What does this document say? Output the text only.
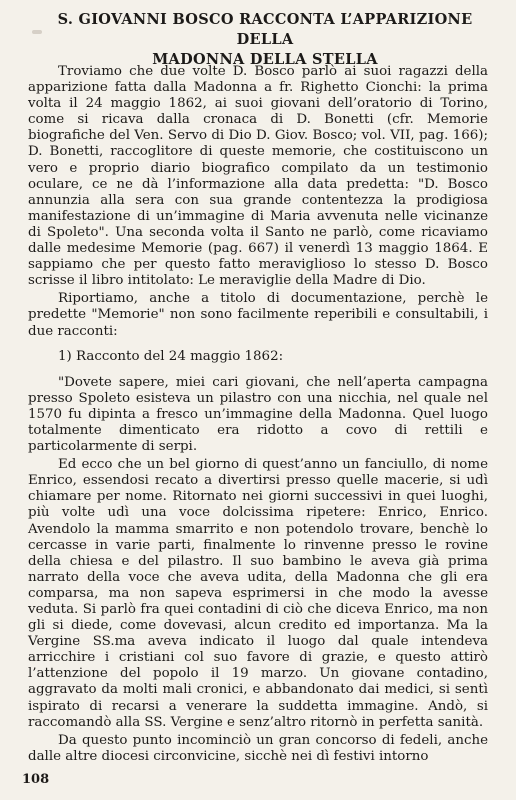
S. GIOVANNI BOSCO RACCONTA L’APPARIZIONE DELLA
MADONNA DELLA STELLA

Troviamo che due volte D. Bosco parlò ai suoi ragazzi della apparizione fatta dalla Madonna a fr. Righetto Cionchi: la prima volta il 24 maggio 1862, ai suoi giovani dell’oratorio di Torino, come si ricava dalla cronaca di D. Bonetti (cfr. Memorie biografiche del Ven. Servo di Dio D. Giov. Bosco; vol. VII, pag. 166); D. Bonetti, raccoglitore di queste memorie, che costituiscono un vero e proprio diario biografico compilato da un testimonio oculare, ce ne dà l’informazione alla data predetta: "D. Bosco annunzia alla sera con sua grande contentezza la prodigiosa manifestazione di un’immagine di Maria avvenuta nelle vicinanze di Spoleto". Una seconda volta il Santo ne parlò, come ricaviamo dalle medesime Memorie (pag. 667) il venerdì 13 maggio 1864. E sappiamo che per questo fatto meraviglioso lo stesso D. Bosco scrisse il libro intitolato: Le meraviglie della Madre di Dio.

Riportiamo, anche a titolo di documentazione, perchè le predette "Memorie" non sono facilmente reperibili e consultabili, i due racconti:

1) Racconto del 24 maggio 1862:

"Dovete sapere, miei cari giovani, che nell’aperta campagna presso Spoleto esisteva un pilastro con una nicchia, nel quale nel 1570 fu dipinta a fresco un’immagine della Madonna. Quel luogo totalmente dimenticato era ridotto a covo di rettili e particolarmente di serpi.

Ed ecco che un bel giorno di quest’anno un fanciullo, di nome Enrico, essendosi recato a divertirsi presso quelle macerie, si udì chiamare per nome. Ritornato nei giorni successivi in quei luoghi, più volte udì una voce dolcissima ripetere: Enrico, Enrico. Avendolo la mamma smarrito e non potendolo trovare, benchè lo cercasse in varie parti, finalmente lo rinvenne presso le rovine della chiesa e del pilastro. Il suo bambino le aveva già prima narrato della voce che aveva udita, della Madonna che gli era comparsa, ma non sapeva esprimersi in che modo la avesse veduta. Si parlò fra quei contadini di ciò che diceva Enrico, ma non gli si diede, come dovevasi, alcun credito ed importanza. Ma la Vergine SS.ma aveva indicato il luogo dal quale intendeva arricchire i cristiani col suo favore di grazie, e questo attirò l’attenzione del popolo il 19 marzo. Un giovane contadino, aggravato da molti mali cronici, e abbandonato dai medici, si sentì ispirato di recarsi a venerare la suddetta immagine. Andò, si raccomandò alla SS. Vergine e senz’altro ritornò in perfetta sanità.

Da questo punto incominciò un gran concorso di fedeli, anche dalle altre diocesi circonvicine, sicchè nei dì festivi intorno

108
